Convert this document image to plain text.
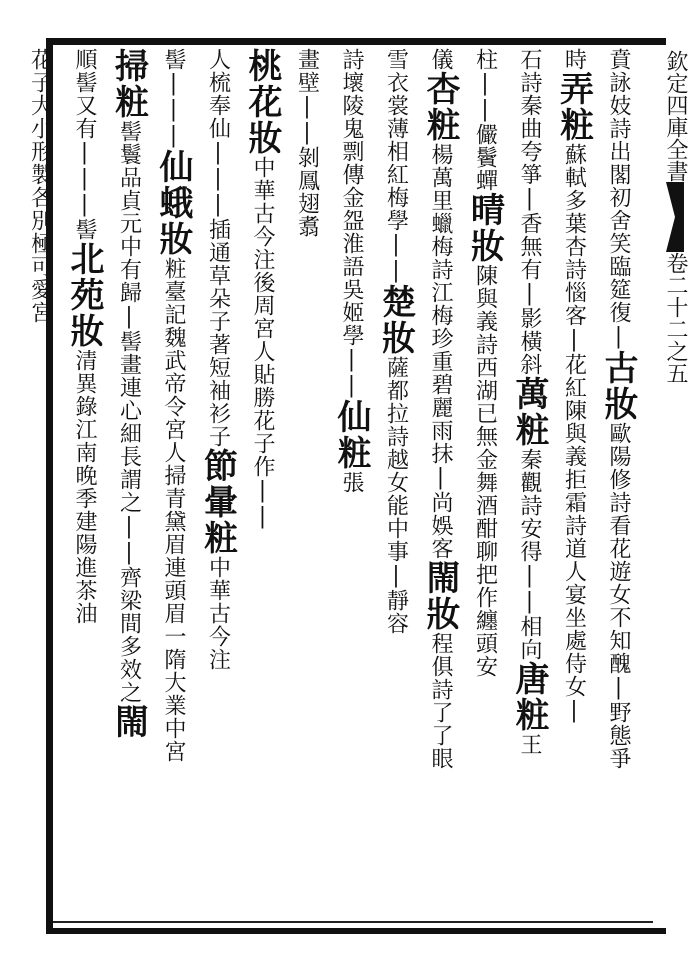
欽定四庫全書卷二十二之五
賁詠妓詩出閣初舍笑臨筵復|古妝歐陽修詩看花遊女不知醜|野態爭
時弄粧蘇軾多葉杏詩惱客|花紅陳與義拒霜詩道人宴坐處侍女|
石詩秦曲夸箏|香無有|影橫斜萬粧秦觀詩安得||相向唐粧王
柱||儼鬢蟬晴妝陳與義詩西湖已無金舞酒酣聊把作纏頭安
儀杏粧楊萬里蠟梅詩江梅珍重碧麗雨抹|尚娛客閙妝程俱詩了了眼
雪衣裳薄相紅梅學||楚妝薩都拉詩越女能中事|靜容
詩壞陵鬼剽傳金盌淮語吳姬學||仙粧張
畫壁||剝鳳翅翥
桃花妝中華古今注後周宮人貼勝花子作||
人梳奉仙|||插通草朵子著短袖衫子節暈粧中華古今注
髻|||仙蛾妝粧臺記魏武帝令宮人掃青黛眉連頭眉一隋大業中宮
掃粧髻鬟品貞元中有歸|髻畫連心細長謂之||齊梁間多效之閙
順髻又有|||髻北苑妝清異錄江南晚季建陽進茶油
花子大小形製各別極可愛宮
